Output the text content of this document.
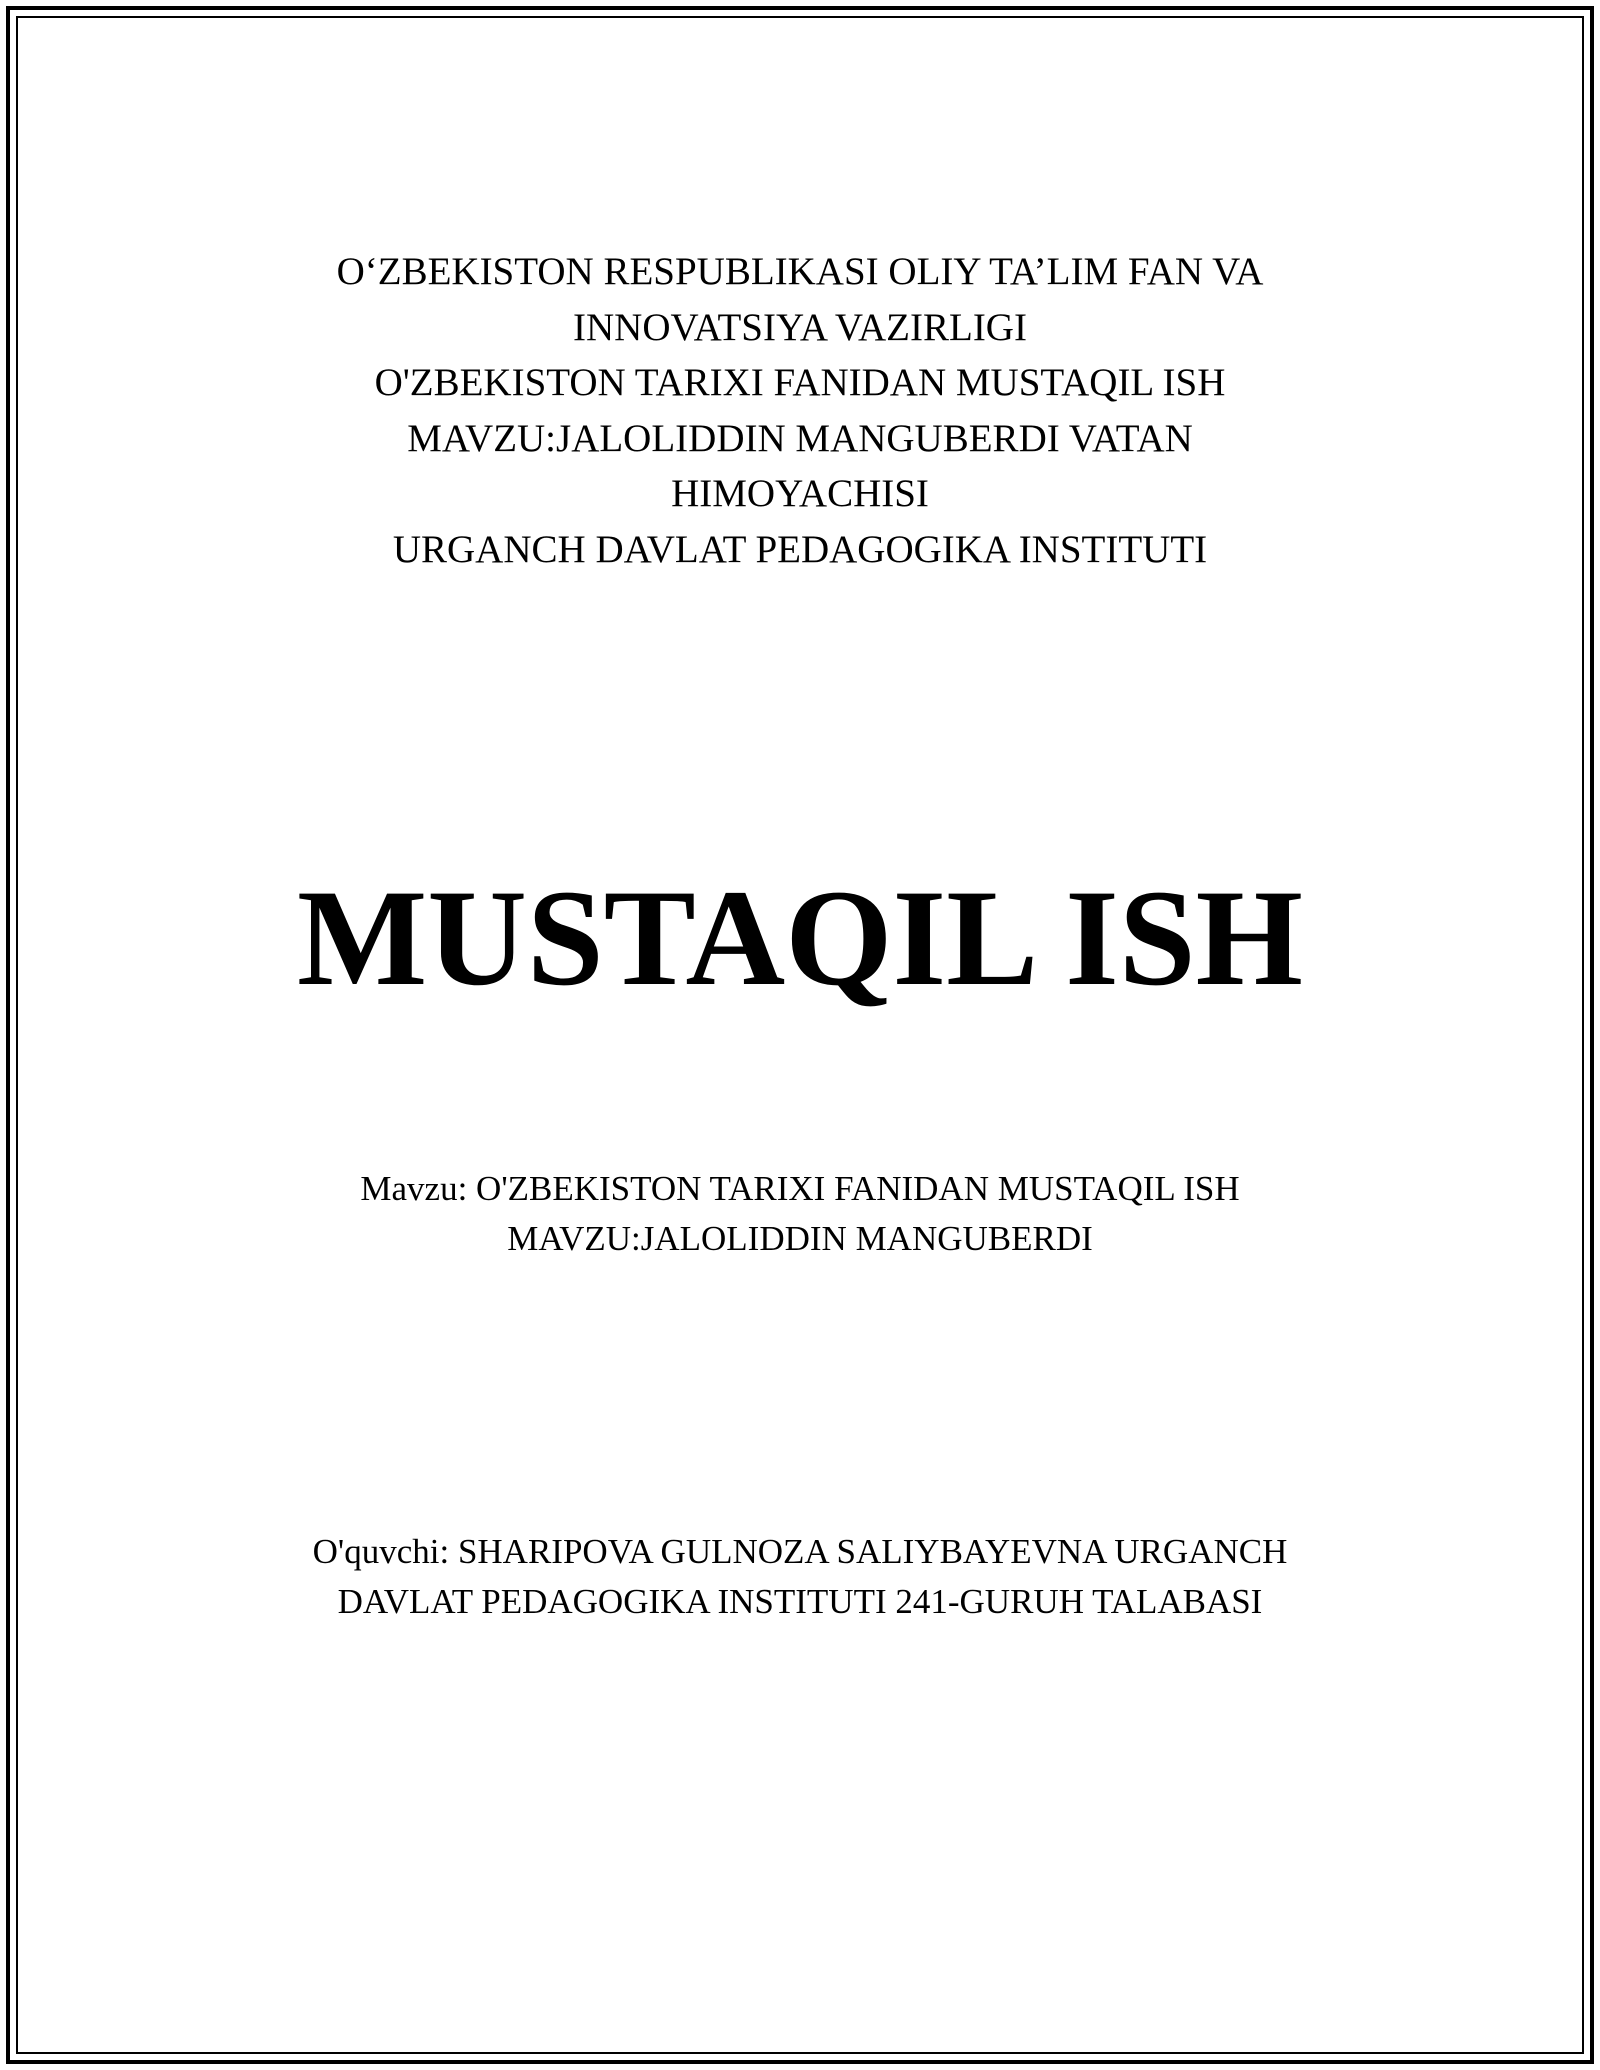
O‘ZBEKISTON RESPUBLIKASI OLIY TA’LIM FAN VA
INNOVATSIYA VAZIRLIGI
O'ZBEKISTON TARIXI FANIDAN MUSTAQIL ISH
MAVZU:JALOLIDDIN MANGUBERDI VATAN
HIMOYACHISI
URGANCH DAVLAT PEDAGOGIKA INSTITUTI
MUSTAQIL ISH
Mavzu: O'ZBEKISTON TARIXI FANIDAN MUSTAQIL ISH
MAVZU:JALOLIDDIN MANGUBERDI
O'quvchi: SHARIPOVA GULNOZA SALIYBAYEVNA URGANCH
DAVLAT PEDAGOGIKA INSTITUTI 241-GURUH TALABASI
